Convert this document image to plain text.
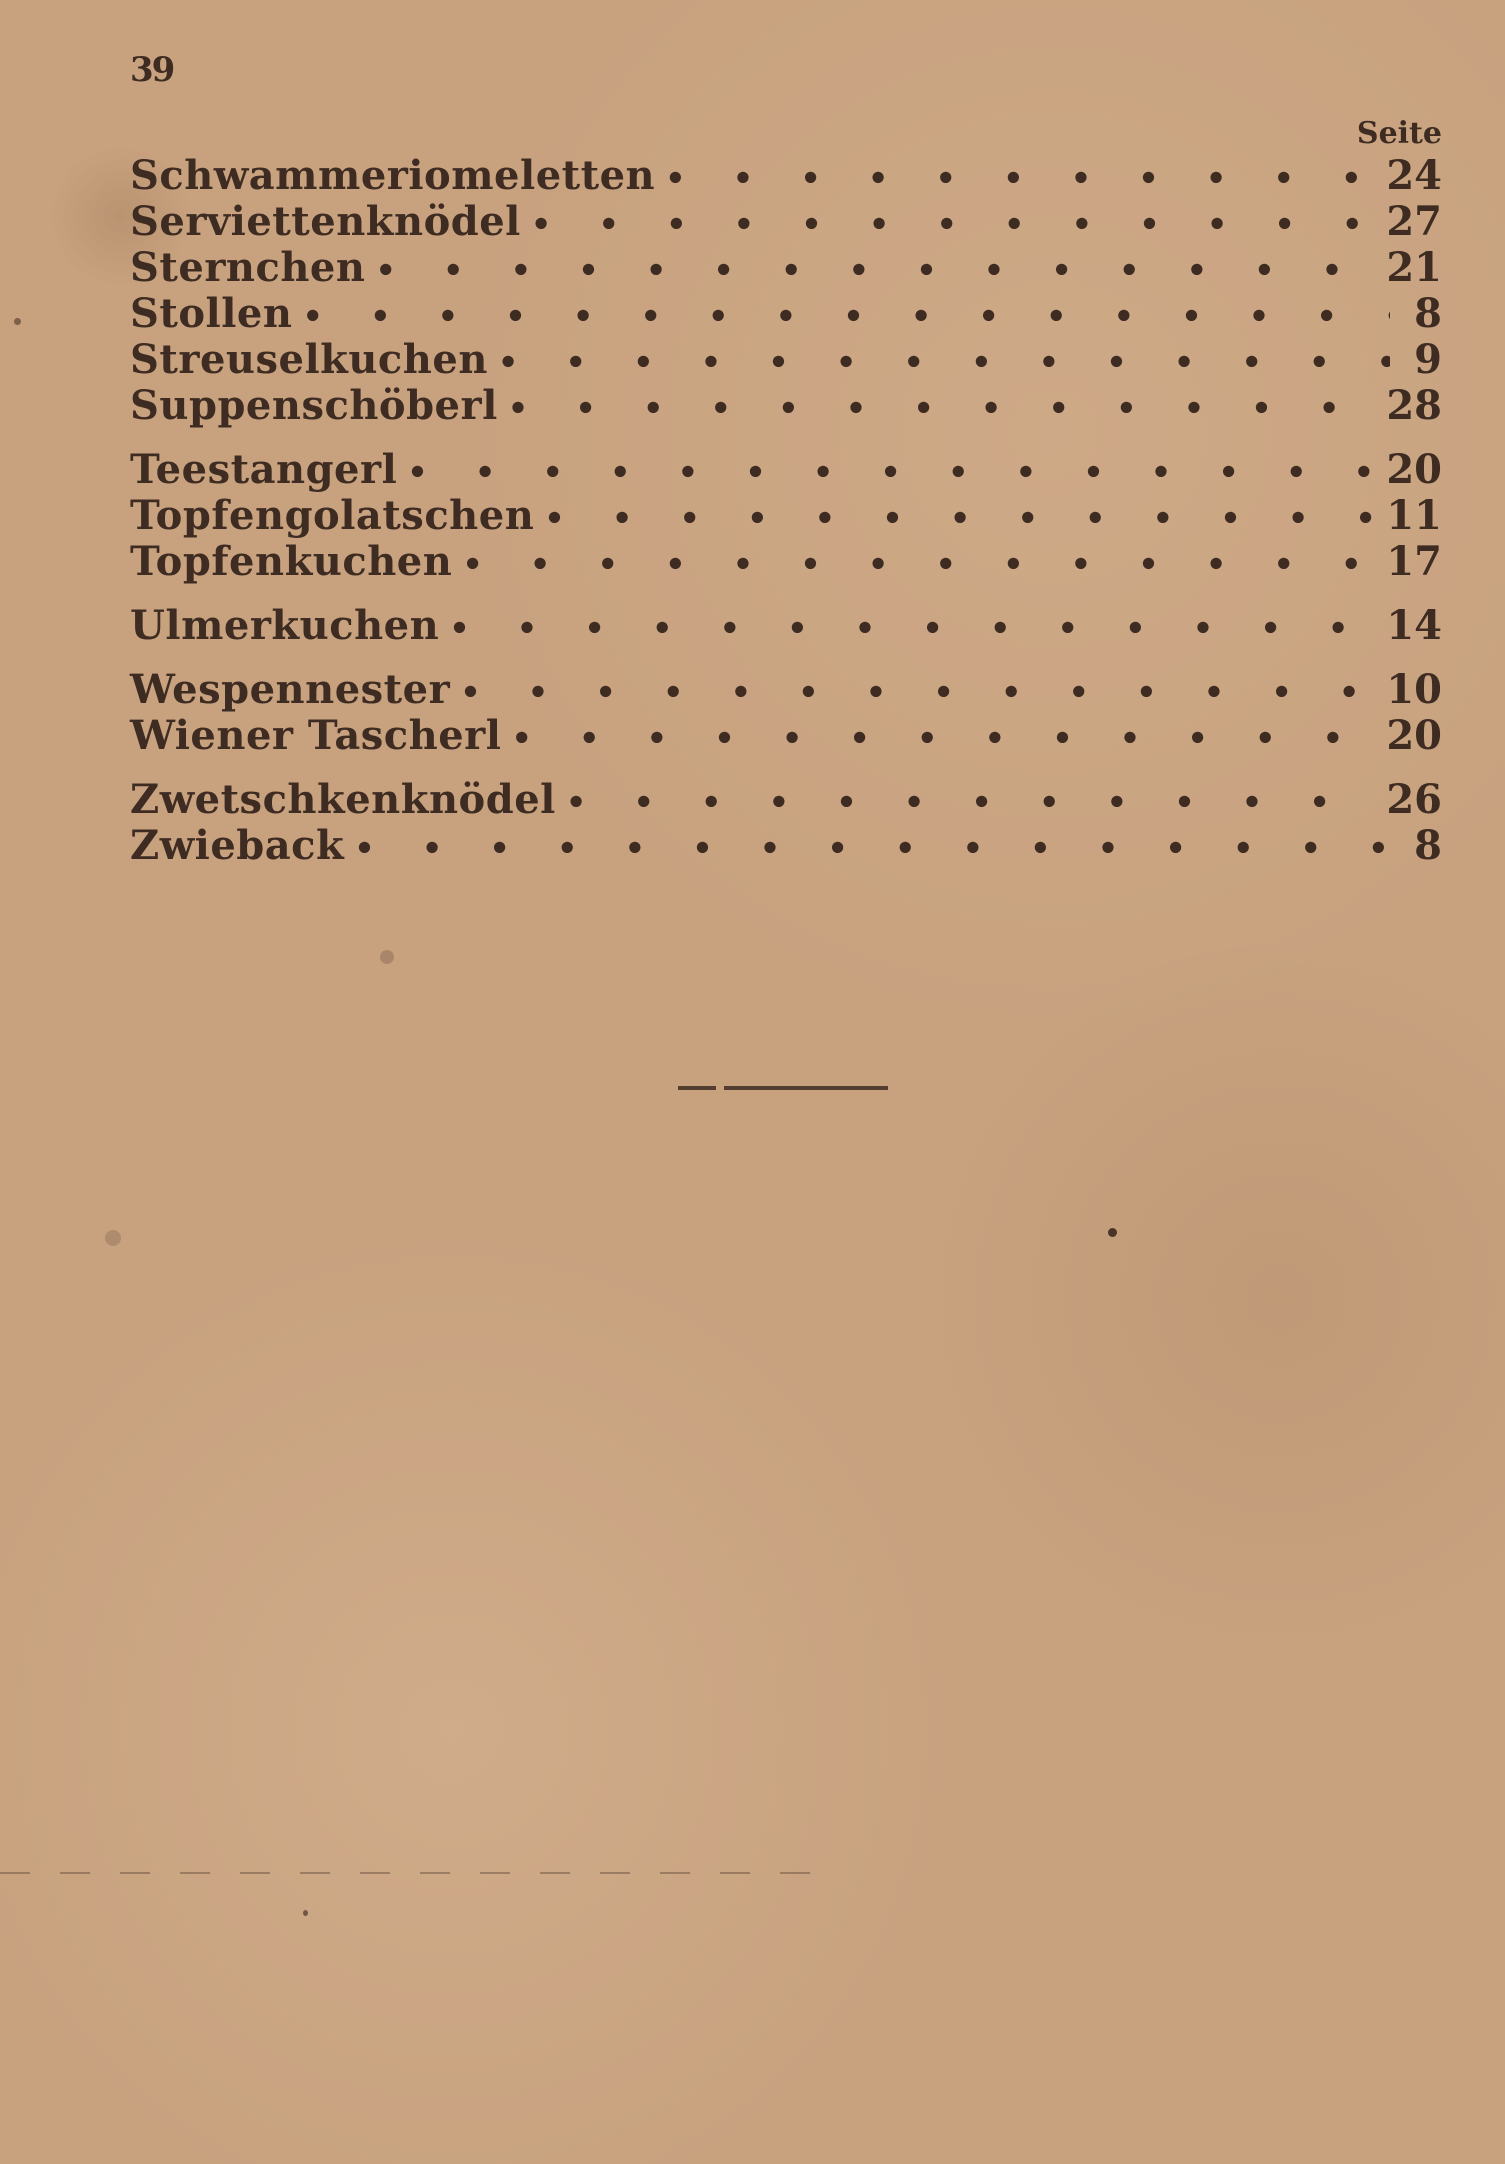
39
Seite
Schwammeriomeletten • • •	24
Serviettenknödel • • •	27
Sternchen • • •	21
Stollen • • •	8
Streuselkuchen • • •	9
Suppenschöberl • • •	28
Teestangerl • • •	20
Topfengolatschen • • •	11
Topfenkuchen • • •	17
Ulmerkuchen • • •	14
Wespennester • • •	10
Wiener Tascherl • • •	20
Zwetschkenknödel • • •	26
Zwieback • • •	8
